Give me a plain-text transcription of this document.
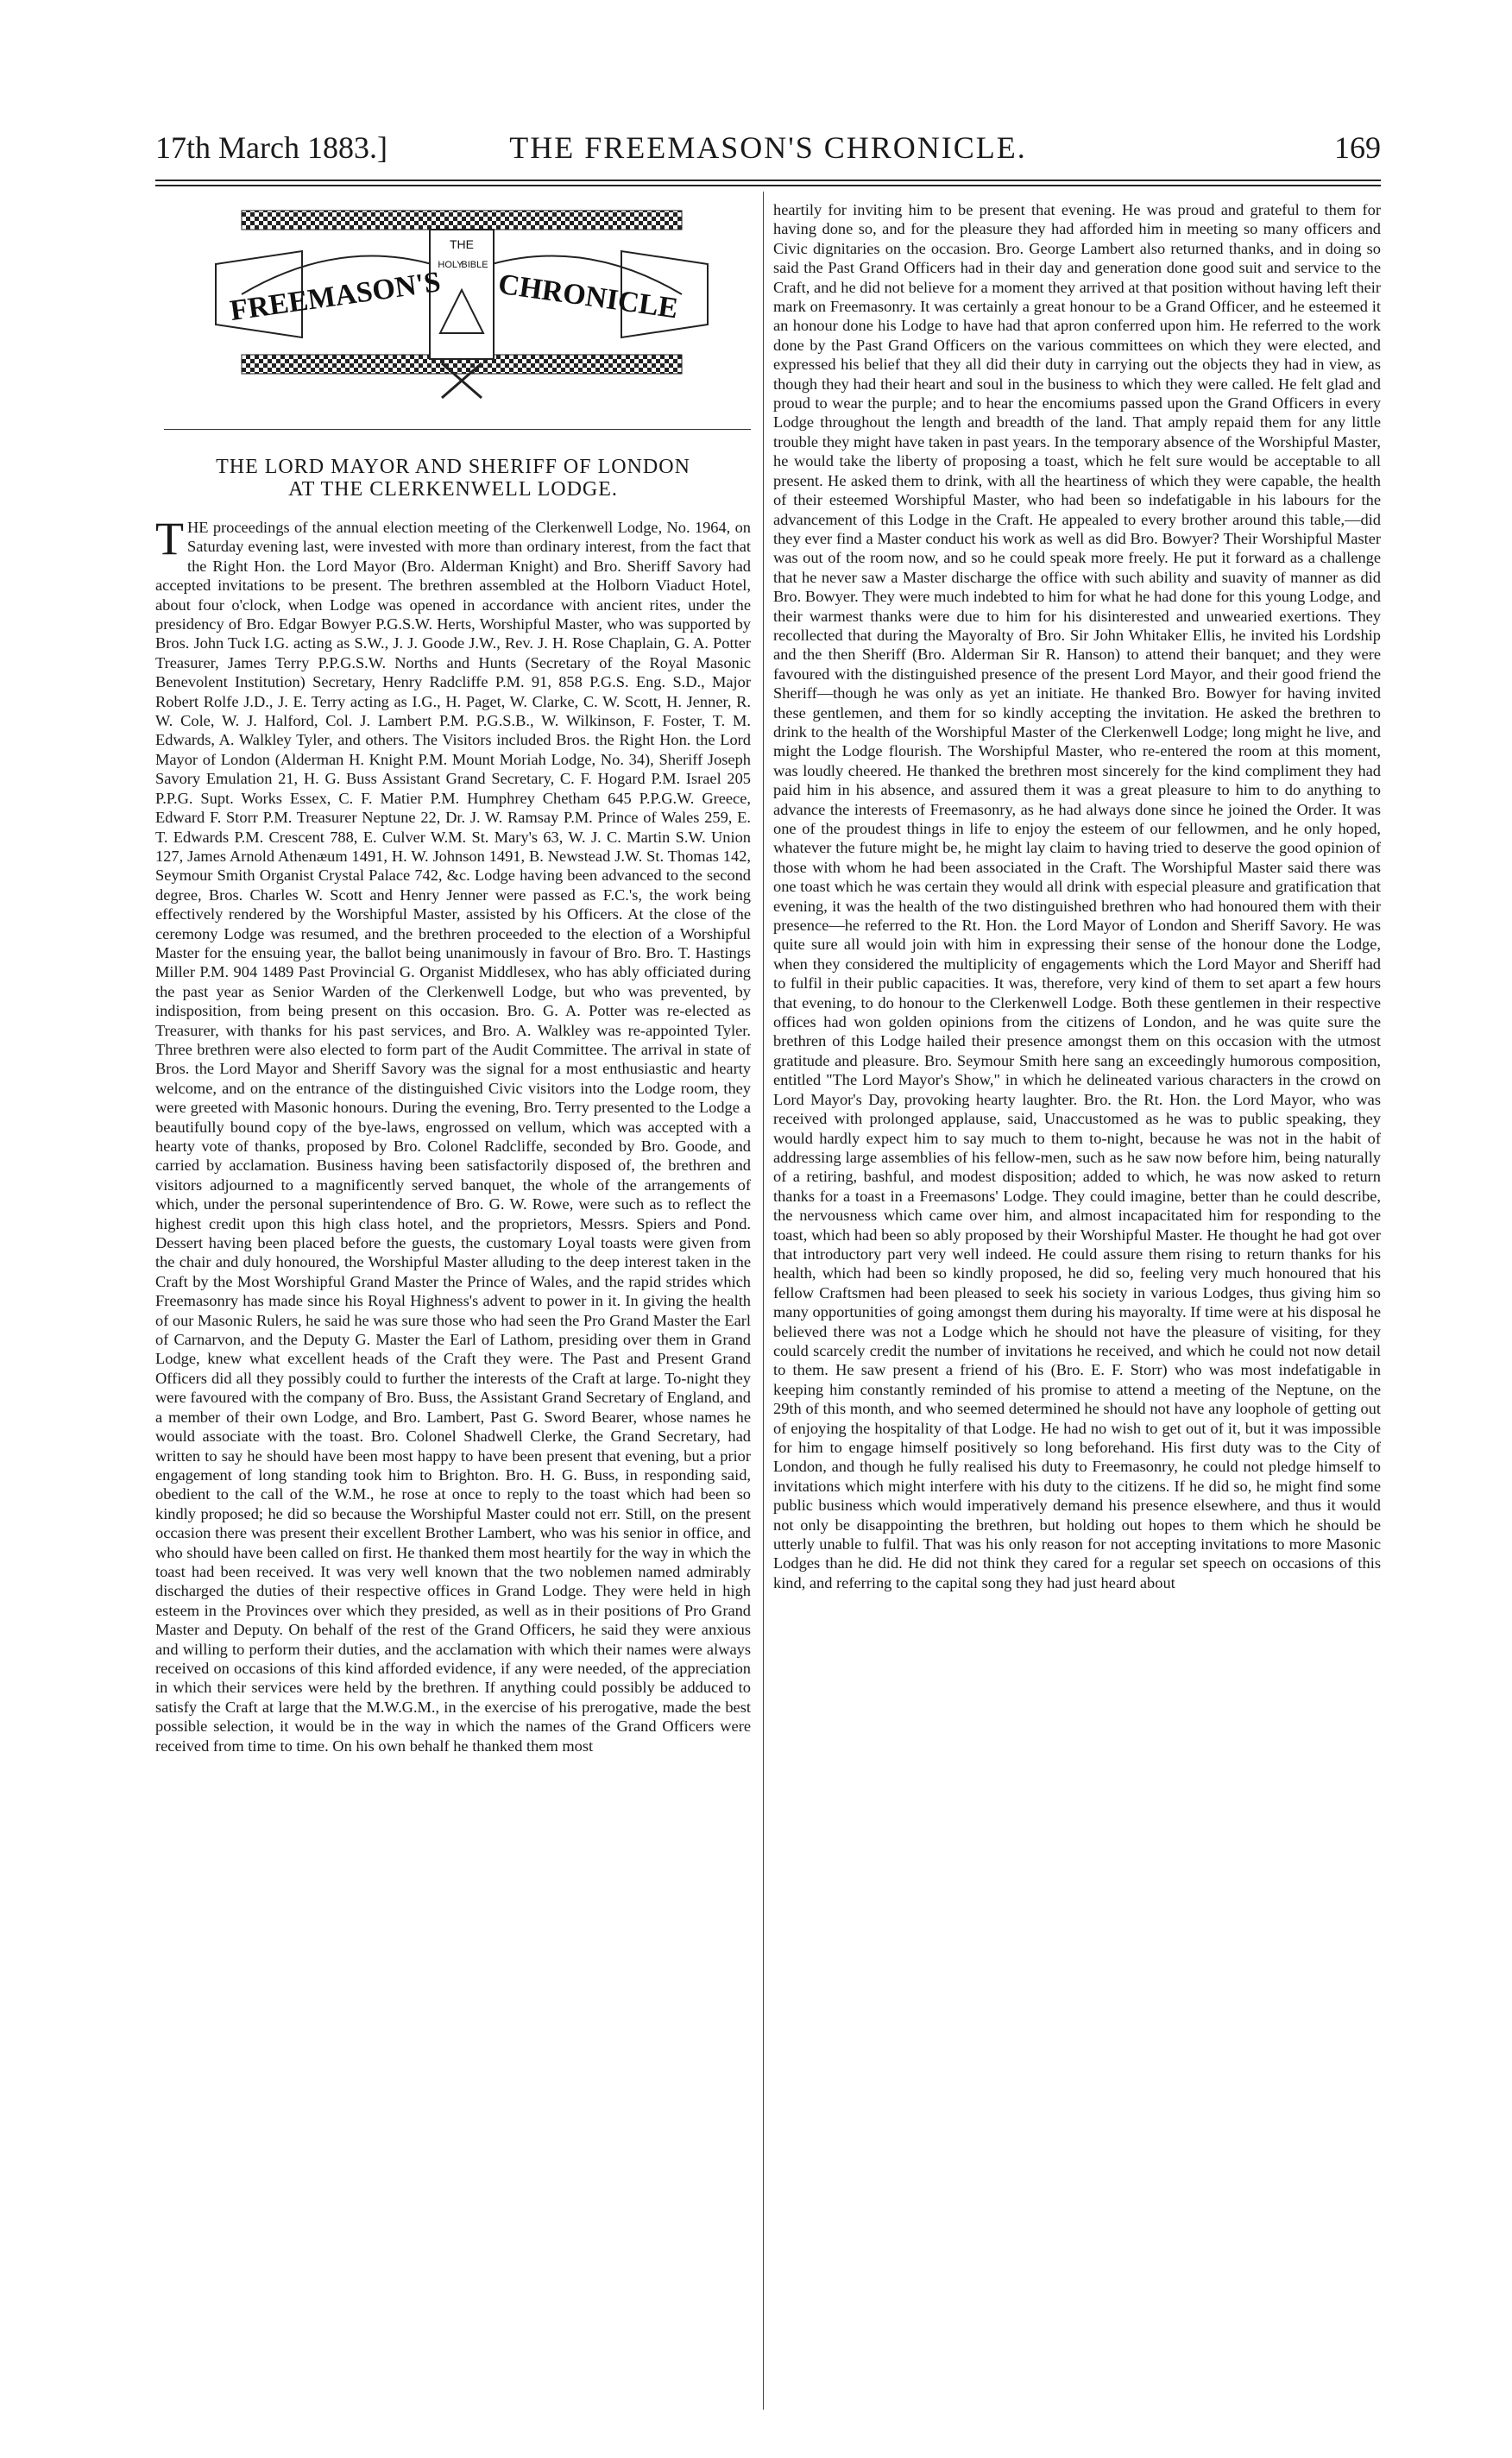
17th March 1883.]	THE FREEMASON'S CHRONICLE.	169
FREEMASON'S CHRONICLE
THE
HOLY
BIBLE
THE LORD MAYOR AND SHERIFF OF LONDON
AT THE CLERKENWELL LODGE.

THE proceedings of the annual election meeting of the Clerkenwell Lodge, No. 1964, on Saturday evening last, were invested with more than ordinary interest, from the fact that the Right Hon. the Lord Mayor (Bro. Alderman Knight) and Bro. Sheriff Savory had accepted invitations to be present. The brethren assembled at the Holborn Viaduct Hotel, about four o'clock, when Lodge was opened in accordance with ancient rites, under the presidency of Bro. Edgar Bowyer P.G.S.W. Herts, Worshipful Master, who was supported by Bros. John Tuck I.G. acting as S.W., J. J. Goode J.W., Rev. J. H. Rose Chaplain, G. A. Potter Treasurer, James Terry P.P.G.S.W. Norths and Hunts (Secretary of the Royal Masonic Benevolent Institution) Secretary, Henry Radcliffe P.M. 91, 858 P.G.S. Eng. S.D., Major Robert Rolfe J.D., J. E. Terry acting as I.G., H. Paget, W. Clarke, C. W. Scott, H. Jenner, R. W. Cole, W. J. Halford, Col. J. Lambert P.M. P.G.S.B., W. Wilkinson, F. Foster, T. M. Edwards, A. Walkley Tyler, and others. The Visitors included Bros. the Right Hon. the Lord Mayor of London (Alderman H. Knight P.M. Mount Moriah Lodge, No. 34), Sheriff Joseph Savory Emulation 21, H. G. Buss Assistant Grand Secretary, C. F. Hogard P.M. Israel 205 P.P.G. Supt. Works Essex, C. F. Matier P.M. Humphrey Chetham 645 P.P.G.W. Greece, Edward F. Storr P.M. Treasurer Neptune 22, Dr. J. W. Ramsay P.M. Prince of Wales 259, E. T. Edwards P.M. Crescent 788, E. Culver W.M. St. Mary's 63, W. J. C. Martin S.W. Union 127, James Arnold Athenæum 1491, H. W. Johnson 1491, B. Newstead J.W. St. Thomas 142, Seymour Smith Organist Crystal Palace 742, &c. Lodge having been advanced to the second degree, Bros. Charles W. Scott and Henry Jenner were passed as F.C.'s, the work being effectively rendered by the Worshipful Master, assisted by his Officers. At the close of the ceremony Lodge was resumed, and the brethren proceeded to the election of a Worshipful Master for the ensuing year, the ballot being unanimously in favour of Bro. Bro. T. Hastings Miller P.M. 904 1489 Past Provincial G. Organist Middlesex, who has ably officiated during the past year as Senior Warden of the Clerkenwell Lodge, but who was prevented, by indisposition, from being present on this occasion. Bro. G. A. Potter was re-elected as Treasurer, with thanks for his past services, and Bro. A. Walkley was re-appointed Tyler. Three brethren were also elected to form part of the Audit Committee. The arrival in state of Bros. the Lord Mayor and Sheriff Savory was the signal for a most enthusiastic and hearty welcome, and on the entrance of the distinguished Civic visitors into the Lodge room, they were greeted with Masonic honours. During the evening, Bro. Terry presented to the Lodge a beautifully bound copy of the bye-laws, engrossed on vellum, which was accepted with a hearty vote of thanks, proposed by Bro. Colonel Radcliffe, seconded by Bro. Goode, and carried by acclamation. Business having been satisfactorily disposed of, the brethren and visitors adjourned to a magnificently served banquet, the whole of the arrangements of which, under the personal superintendence of Bro. G. W. Rowe, were such as to reflect the highest credit upon this high class hotel, and the proprietors, Messrs. Spiers and Pond. Dessert having been placed before the guests, the customary Loyal toasts were given from the chair and duly honoured, the Worshipful Master alluding to the deep interest taken in the Craft by the Most Worshipful Grand Master the Prince of Wales, and the rapid strides which Freemasonry has made since his Royal Highness's advent to power in it. In giving the health of our Masonic Rulers, he said he was sure those who had seen the Pro Grand Master the Earl of Carnarvon, and the Deputy G. Master the Earl of Lathom, presiding over them in Grand Lodge, knew what excellent heads of the Craft they were. The Past and Present Grand Officers did all they possibly could to further the interests of the Craft at large. To-night they were favoured with the company of Bro. Buss, the Assistant Grand Secretary of England, and a member of their own Lodge, and Bro. Lambert, Past G. Sword Bearer, whose names he would associate with the toast. Bro. Colonel Shadwell Clerke, the Grand Secretary, had written to say he should have been most happy to have been present that evening, but a prior engagement of long standing took him to Brighton. Bro. H. G. Buss, in responding said, obedient to the call of the W.M., he rose at once to reply to the toast which had been so kindly proposed; he did so because the Worshipful Master could not err. Still, on the present occasion there was present their excellent Brother Lambert, who was his senior in office, and who should have been called on first. He thanked them most heartily for the way in which the toast had been received. It was very well known that the two noblemen named admirably discharged the duties of their respective offices in Grand Lodge. They were held in high esteem in the Provinces over which they presided, as well as in their positions of Pro Grand Master and Deputy. On behalf of the rest of the Grand Officers, he said they were anxious and willing to perform their duties, and the acclamation with which their names were always received on occasions of this kind afforded evidence, if any were needed, of the appreciation in which their services were held by the brethren. If anything could possibly be adduced to satisfy the Craft at large that the M.W.G.M., in the exercise of his prerogative, made the best possible selection, it would be in the way in which the names of the Grand Officers were received from time to time. On his own behalf he thanked them most

heartily for inviting him to be present that evening. He was proud and grateful to them for having done so, and for the pleasure they had afforded him in meeting so many officers and Civic dignitaries on the occasion. Bro. George Lambert also returned thanks, and in doing so said the Past Grand Officers had in their day and generation done good suit and service to the Craft, and he did not believe for a moment they arrived at that position without having left their mark on Freemasonry. It was certainly a great honour to be a Grand Officer, and he esteemed it an honour done his Lodge to have had that apron conferred upon him. He referred to the work done by the Past Grand Officers on the various committees on which they were elected, and expressed his belief that they all did their duty in carrying out the objects they had in view, as though they had their heart and soul in the business to which they were called. He felt glad and proud to wear the purple; and to hear the encomiums passed upon the Grand Officers in every Lodge throughout the length and breadth of the land. That amply repaid them for any little trouble they might have taken in past years. In the temporary absence of the Worshipful Master, he would take the liberty of proposing a toast, which he felt sure would be acceptable to all present. He asked them to drink, with all the heartiness of which they were capable, the health of their esteemed Worshipful Master, who had been so indefatigable in his labours for the advancement of this Lodge in the Craft. He appealed to every brother around this table,—did they ever find a Master conduct his work as well as did Bro. Bowyer? Their Worshipful Master was out of the room now, and so he could speak more freely. He put it forward as a challenge that he never saw a Master discharge the office with such ability and suavity of manner as did Bro. Bowyer. They were much indebted to him for what he had done for this young Lodge, and their warmest thanks were due to him for his disinterested and unwearied exertions. They recollected that during the Mayoralty of Bro. Sir John Whitaker Ellis, he invited his Lordship and the then Sheriff (Bro. Alderman Sir R. Hanson) to attend their banquet; and they were favoured with the distinguished presence of the present Lord Mayor, and their good friend the Sheriff—though he was only as yet an initiate. He thanked Bro. Bowyer for having invited these gentlemen, and them for so kindly accepting the invitation. He asked the brethren to drink to the health of the Worshipful Master of the Clerkenwell Lodge; long might he live, and might the Lodge flourish. The Worshipful Master, who re-entered the room at this moment, was loudly cheered. He thanked the brethren most sincerely for the kind compliment they had paid him in his absence, and assured them it was a great pleasure to him to do anything to advance the interests of Freemasonry, as he had always done since he joined the Order. It was one of the proudest things in life to enjoy the esteem of our fellowmen, and he only hoped, whatever the future might be, he might lay claim to having tried to deserve the good opinion of those with whom he had been associated in the Craft. The Worshipful Master said there was one toast which he was certain they would all drink with especial pleasure and gratification that evening, it was the health of the two distinguished brethren who had honoured them with their presence—he referred to the Rt. Hon. the Lord Mayor of London and Sheriff Savory. He was quite sure all would join with him in expressing their sense of the honour done the Lodge, when they considered the multiplicity of engagements which the Lord Mayor and Sheriff had to fulfil in their public capacities. It was, therefore, very kind of them to set apart a few hours that evening, to do honour to the Clerkenwell Lodge. Both these gentlemen in their respective offices had won golden opinions from the citizens of London, and he was quite sure the brethren of this Lodge hailed their presence amongst them on this occasion with the utmost gratitude and pleasure. Bro. Seymour Smith here sang an exceedingly humorous composition, entitled "The Lord Mayor's Show," in which he delineated various characters in the crowd on Lord Mayor's Day, provoking hearty laughter. Bro. the Rt. Hon. the Lord Mayor, who was received with prolonged applause, said, Unaccustomed as he was to public speaking, they would hardly expect him to say much to them to-night, because he was not in the habit of addressing large assemblies of his fellow-men, such as he saw now before him, being naturally of a retiring, bashful, and modest disposition; added to which, he was now asked to return thanks for a toast in a Freemasons' Lodge. They could imagine, better than he could describe, the nervousness which came over him, and almost incapacitated him for responding to the toast, which had been so ably proposed by their Worshipful Master. He thought he had got over that introductory part very well indeed. He could assure them rising to return thanks for his health, which had been so kindly proposed, he did so, feeling very much honoured that his fellow Craftsmen had been pleased to seek his society in various Lodges, thus giving him so many opportunities of going amongst them during his mayoralty. If time were at his disposal he believed there was not a Lodge which he should not have the pleasure of visiting, for they could scarcely credit the number of invitations he received, and which he could not now detail to them. He saw present a friend of his (Bro. E. F. Storr) who was most indefatigable in keeping him constantly reminded of his promise to attend a meeting of the Neptune, on the 29th of this month, and who seemed determined he should not have any loophole of getting out of enjoying the hospitality of that Lodge. He had no wish to get out of it, but it was impossible for him to engage himself positively so long beforehand. His first duty was to the City of London, and though he fully realised his duty to Freemasonry, he could not pledge himself to invitations which might interfere with his duty to the citizens. If he did so, he might find some public business which would imperatively demand his presence elsewhere, and thus it would not only be disappointing the brethren, but holding out hopes to them which he should be utterly unable to fulfil. That was his only reason for not accepting invitations to more Masonic Lodges than he did. He did not think they cared for a regular set speech on occasions of this kind, and referring to the capital song they had just heard about
